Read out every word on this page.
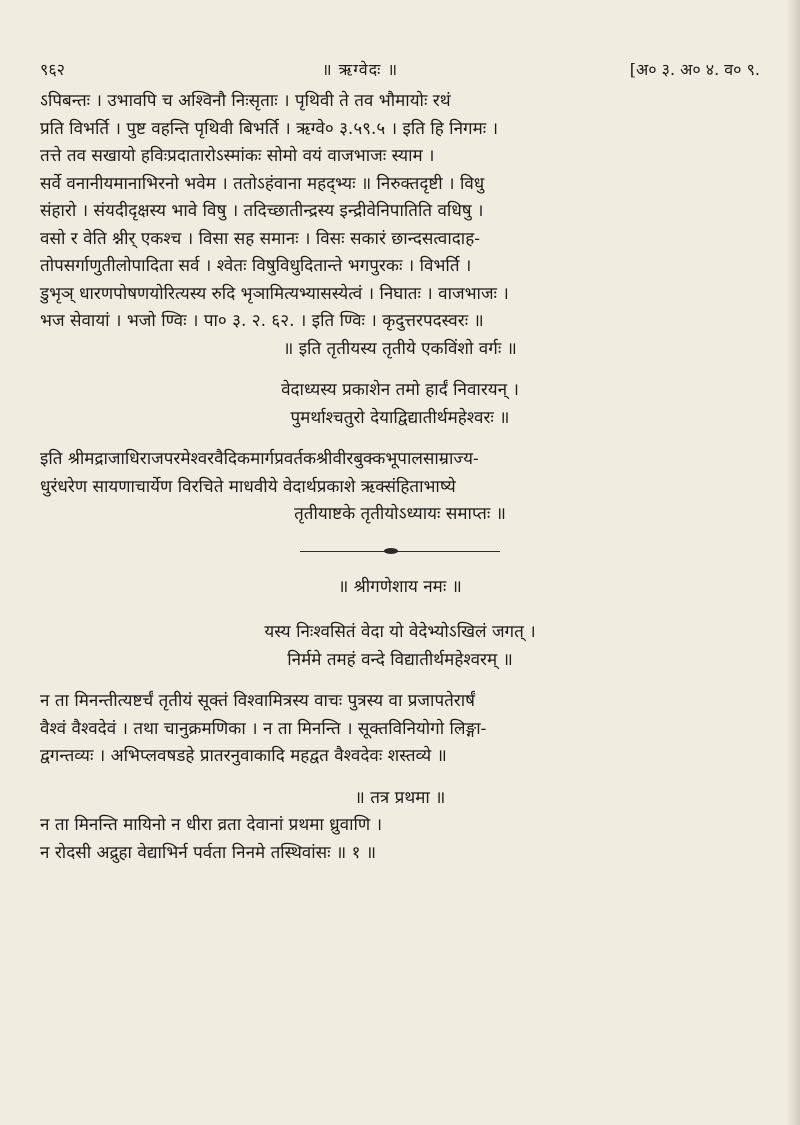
९६२	॥ ऋग्वेदः ॥	[अ० ३. अ० ४. व० ९.

ऽपिबन्तः । उभावपि च अश्विनौ निःसृताः । पृथिवी ते तव भौमायोः रथं

प्रति विभर्ति । पुष्ट वहन्ति पृथिवी बिभर्ति । ऋग्वे० ३.५९.५ । इति हि निगमः ।

तत्ते तव सखायो हविःप्रदातारोऽस्मांकः सोमो वयं वाजभाजः स्याम ।

सर्वे वनानीयमानाभिरनो भवेम । ततोऽहंवाना महद्भ्यः ॥ निरुक्तदृष्टी । विधु

संहारो । संयदीदृक्षस्य भावे विषु । तदिच्छातीन्द्रस्य इन्द्रीवेनिपातिति वधिषु ।

वसो र वेति श्नीर् एकश्च । विसा सह समानः । विसः सकारं छान्दसत्वादाह-

तोपसर्गाणुतीलोपादिता सर्व । श्वेतः विषुविधुदितान्ते भगपुरकः । विभर्ति ।

डुभृञ् धारणपोषणयोरित्यस्य रुदि भृञामित्यभ्यासस्येत्वं । निघातः । वाजभाजः ।

भज सेवायां । भजो ण्विः । पा० ३. २. ६२. । इति ण्विः । कृदुत्तरपदस्वरः ॥

॥ इति तृतीयस्य तृतीये एकविंशो वर्गः ॥

वेदाध्यस्य प्रकाशेन तमो हार्दं निवारयन् ।

पुमर्थाश्चतुरो देयाद्विद्यातीर्थमहेश्वरः ॥

इति श्रीमद्राजाधिराजपरमेश्वरवैदिकमार्गप्रवर्तकश्रीवीरबुक्कभूपालसाम्राज्य-

धुरंधरेण सायणाचार्येण विरचिते माधवीये वेदार्थप्रकाशे ऋक्संहिताभाष्ये

तृतीयाष्टके तृतीयोऽध्यायः समाप्तः ॥

॥ श्रीगणेशाय नमः ॥

यस्य निःश्वसितं वेदा यो वेदेभ्योऽखिलं जगत् ।

निर्ममे तमहं वन्दे विद्यातीर्थमहेश्वरम् ॥

न ता मिनन्तीत्यष्टर्चं तृतीयं सूक्तं विश्वामित्रस्य वाचः पुत्रस्य वा प्रजापतेरार्षं

वैश्वं वैश्वदेवं । तथा चानुक्रमणिका । न ता मिनन्ति । सूक्तविनियोगो लिङ्गा-

द्वगन्तव्यः । अभिप्लवषडहे प्रातरनुवाकादि महद्वत वैश्वदेवः शस्तव्ये ॥

॥ तत्र प्रथमा ॥

न ता मिनन्ति मायिनो न धीरा व्रता देवानां प्रथमा ध्रुवाणि ।

न रोदसी अद्रुहा वेद्याभिर्न पर्वता निनमे तस्थिवांसः ॥ १ ॥
